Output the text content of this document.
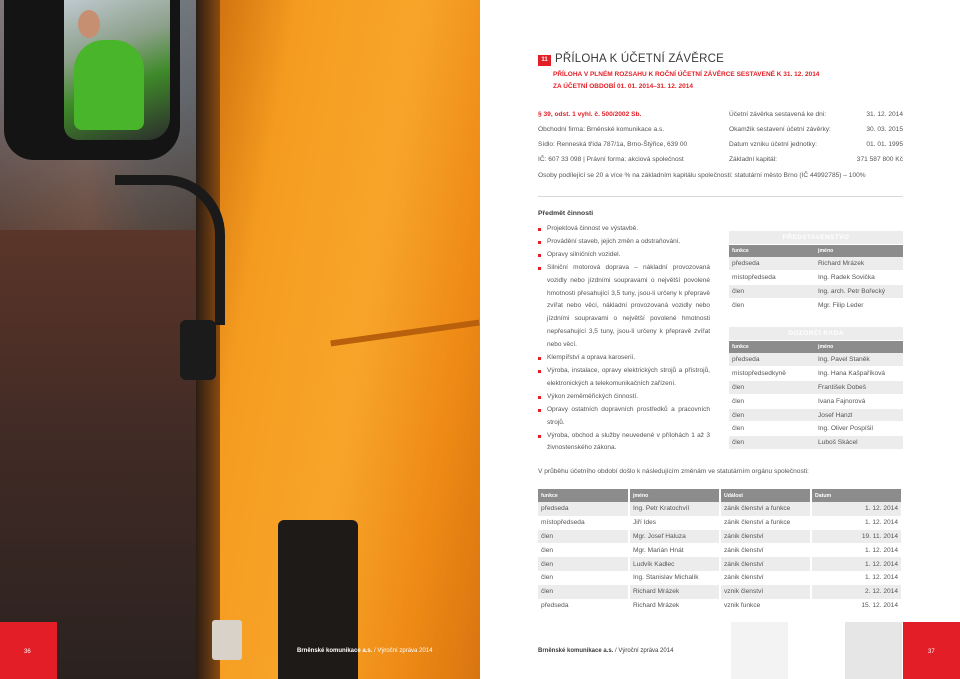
36	Brněnské komunikace a.s. / Výroční zpráva 2014
11 PŘÍLOHA K ÚČETNÍ ZÁVĚRCE
PŘÍLOHA V PLNÉM ROZSAHU K ROČNÍ ÚČETNÍ ZÁVĚRCE SESTAVENÉ K 31. 12. 2014
ZA ÚČETNÍ OBDOBÍ 01. 01. 2014–31. 12. 2014
§ 39, odst. 1 vyhl. č. 500/2002 Sb.
Obchodní firma: Brněnské komunikace a.s.
Sídlo: Renneská třída 787/1a, Brno-Štýřice, 639 00
IČ: 607 33 098 | Právní forma: akciová společnost
Účetní závěrka sestavená ke dni:	31. 12. 2014
Okamžik sestavení účetní závěrky:	30. 03. 2015
Datum vzniku účetní jednotky:	01. 01. 1995
Základní kapitál:	371 587 800 Kč
Osoby podílející se 20 a více % na základním kapitálu společnosti: statutární město Brno (IČ 44992785) – 100%
Předmět činnosti
Projektová činnost ve výstavbě.
Provádění staveb, jejich změn a odstraňování.
Opravy silničních vozidel.
Silniční motorová doprava – nákladní provozovaná vozidly nebo jízdními soupravami o největší povolené hmotnosti přesahující 3,5 tuny, jsou-li určeny k přepravě zvířat nebo věcí, nákladní provozovaná vozidly nebo jízdními soupravami o největší povolené hmotnosti nepřesahující 3,5 tuny, jsou-li určeny k přepravě zvířat nebo věcí.
Klempířství a oprava karoserií.
Výroba, instalace, opravy elektrických strojů a přístrojů, elektronických a telekomunikačních zařízení.
Výkon zeměměřických činností.
Opravy ostatních dopravních prostředků a pracovních strojů.
Výroba, obchod a služby neuvedené v přílohách 1 až 3 živnostenského zákona.
PŘEDSTAVENSTVO	
funkce	jméno
předseda	Richard Mrázek
místopředseda	Ing. Radek Sovička
člen	Ing. arch. Petr Bořecký
člen	Mgr. Filip Leder
DOZORČÍ RADA	
funkce	jméno
předseda	Ing. Pavel Staněk
místopředsedkyně	Ing. Hana Kašpaříková
člen	František Dobeš
člen	Ivana Fajnorová
člen	Josef Hanzl
člen	Ing. Oliver Pospíšil
člen	Luboš Skácel
V průběhu účetního období došlo k následujícím změnám ve statutárním orgánu společnosti:
funkce	jméno	Událost	Datum
předseda	Ing. Petr Kratochvíl	zánik členství a funkce	1. 12. 2014
místopředseda	Jiří Ides	zánik členství a funkce	1. 12. 2014
člen	Mgr. Josef Haluza	zánik členství	19. 11. 2014
člen	Mgr. Marián Hnát	zánik členství	1. 12. 2014
člen	Ludvík Kadlec	zánik členství	1. 12. 2014
člen	Ing. Stanislav Michalík	zánik členství	1. 12. 2014
člen	Richard Mrázek	vznik členství	2. 12. 2014
předseda	Richard Mrázek	vznik funkce	15. 12. 2014
37
Brněnské komunikace a.s. / Výroční zpráva 2014
